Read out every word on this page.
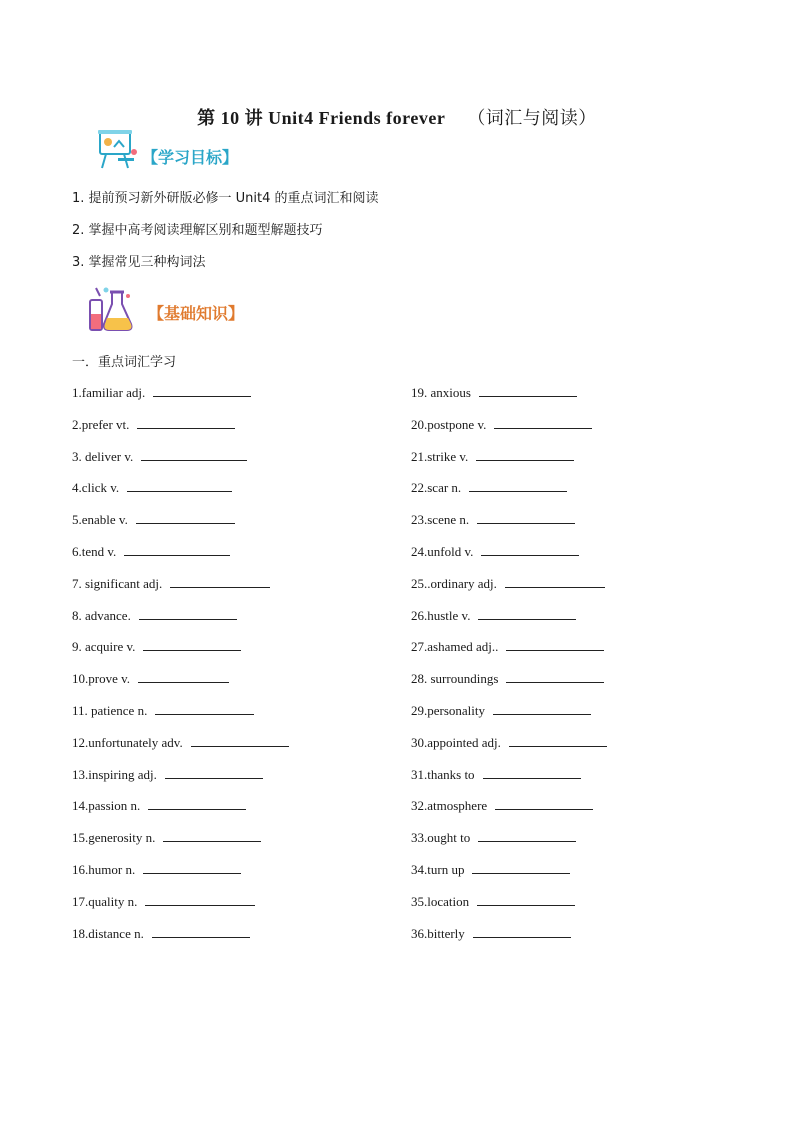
第 10 讲 Unit4 Friends forever （词汇与阅读）
【学习目标】
1. 提前预习新外研版必修一 Unit4 的重点词汇和阅读
2. 掌握中高考阅读理解区别和题型解题技巧
3. 掌握常见三种构词法
【基础知识】
一．重点词汇学习
1.familiar adj.
2.prefer vt.
3. deliver v.
4.click v.
5.enable v.
6.tend v.
7. significant adj.
8. advance.
9. acquire v.
10.prove v.
11. patience n.
12.unfortunately adv.
13.inspiring adj.
14.passion n.
15.generosity n.
16.humor n.
17.quality n.
18.distance n.
19. anxious
20.postpone v.
21.strike v.
22.scar n.
23.scene n.
24.unfold v.
25..ordinary adj.
26.hustle v.
27.ashamed adj..
28. surroundings
29.personality
30.appointed adj.
31.thanks to
32.atmosphere
33.ought to
34.turn up
35.location
36.bitterly
